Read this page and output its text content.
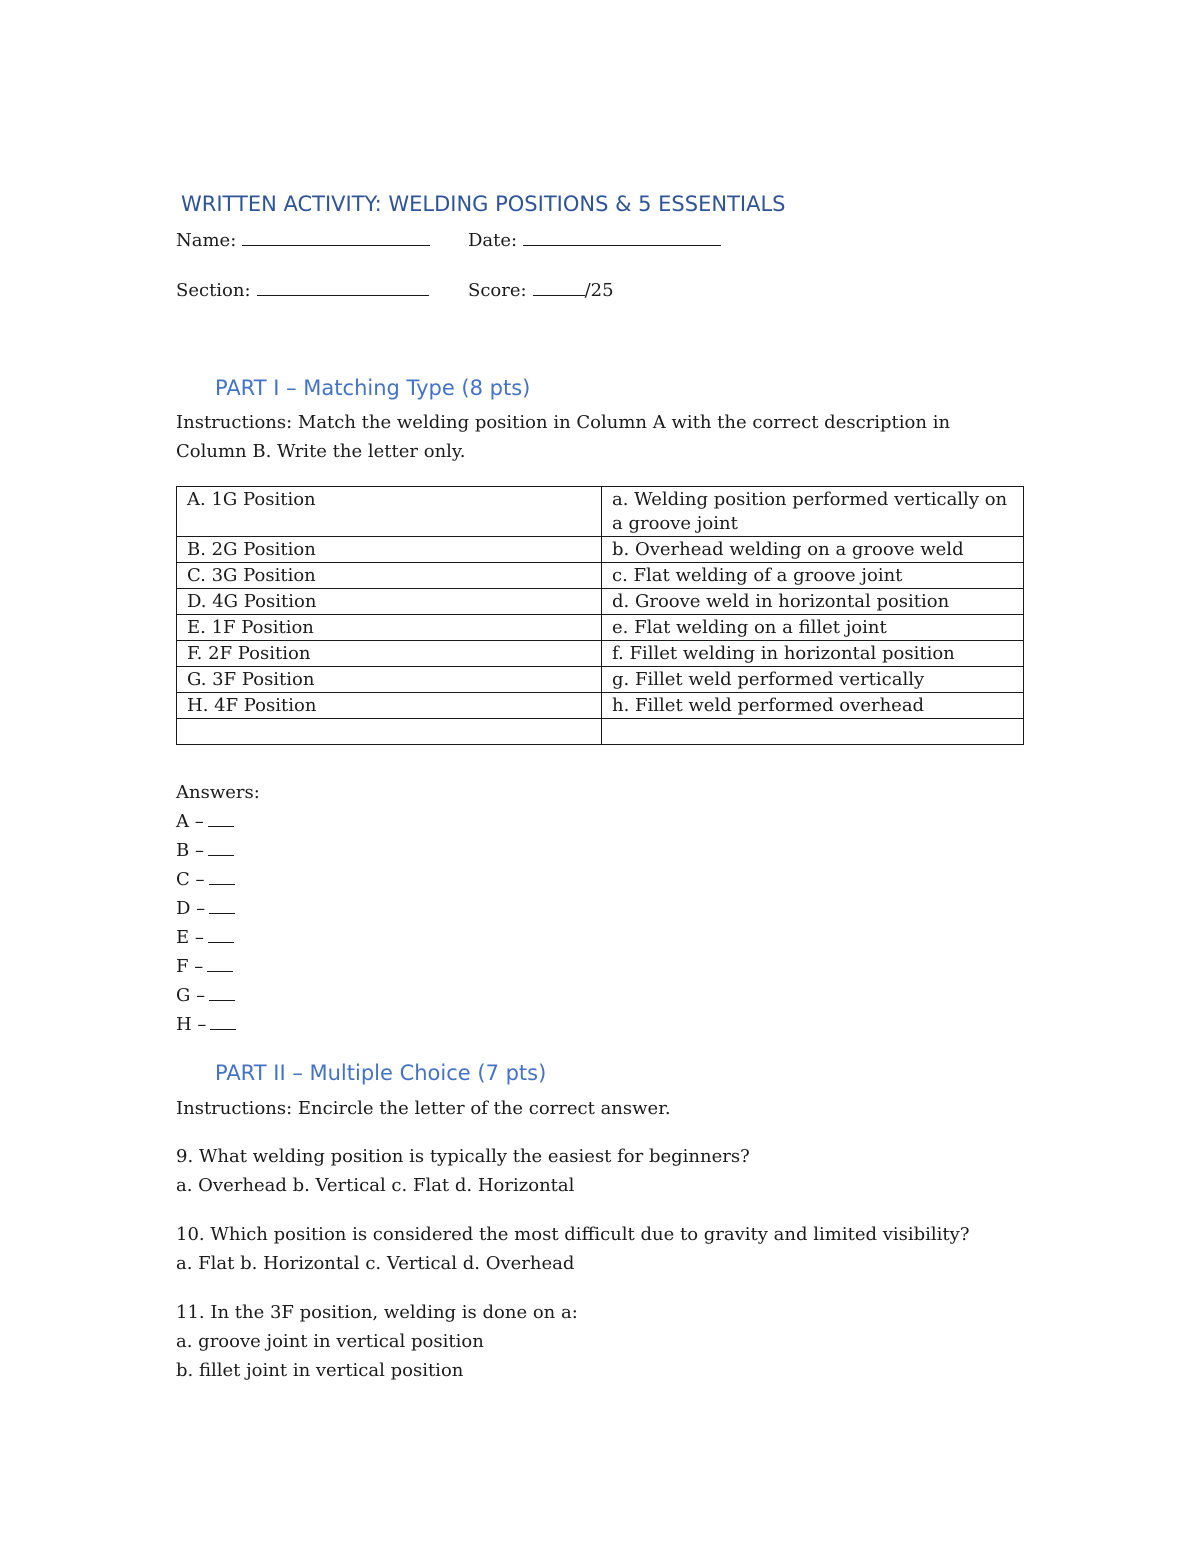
WRITTEN ACTIVITY: WELDING POSITIONS & 5 ESSENTIALS
Name:	Date:
Section:	Score:	/25
PART I – Matching Type (8 pts)
Instructions: Match the welding position in Column A with the correct description in
Column B. Write the letter only.
A. 1G Position	a. Welding position performed vertically on a groove joint
B. 2G Position	b. Overhead welding on a groove weld
C. 3G Position	c. Flat welding of a groove joint
D. 4G Position	d. Groove weld in horizontal position
E. 1F Position	e. Flat welding on a fillet joint
F. 2F Position	f. Fillet welding in horizontal position
G. 3F Position	g. Fillet weld performed vertically
H. 4F Position	h. Fillet weld performed overhead

Answers:
A –
B –
C –
D –
E –
F –
G –
H –
PART II – Multiple Choice (7 pts)
Instructions: Encircle the letter of the correct answer.
9. What welding position is typically the easiest for beginners?
a. Overhead b. Vertical c. Flat d. Horizontal
10. Which position is considered the most difficult due to gravity and limited visibility?
a. Flat b. Horizontal c. Vertical d. Overhead
11. In the 3F position, welding is done on a:
a. groove joint in vertical position
b. fillet joint in vertical position
